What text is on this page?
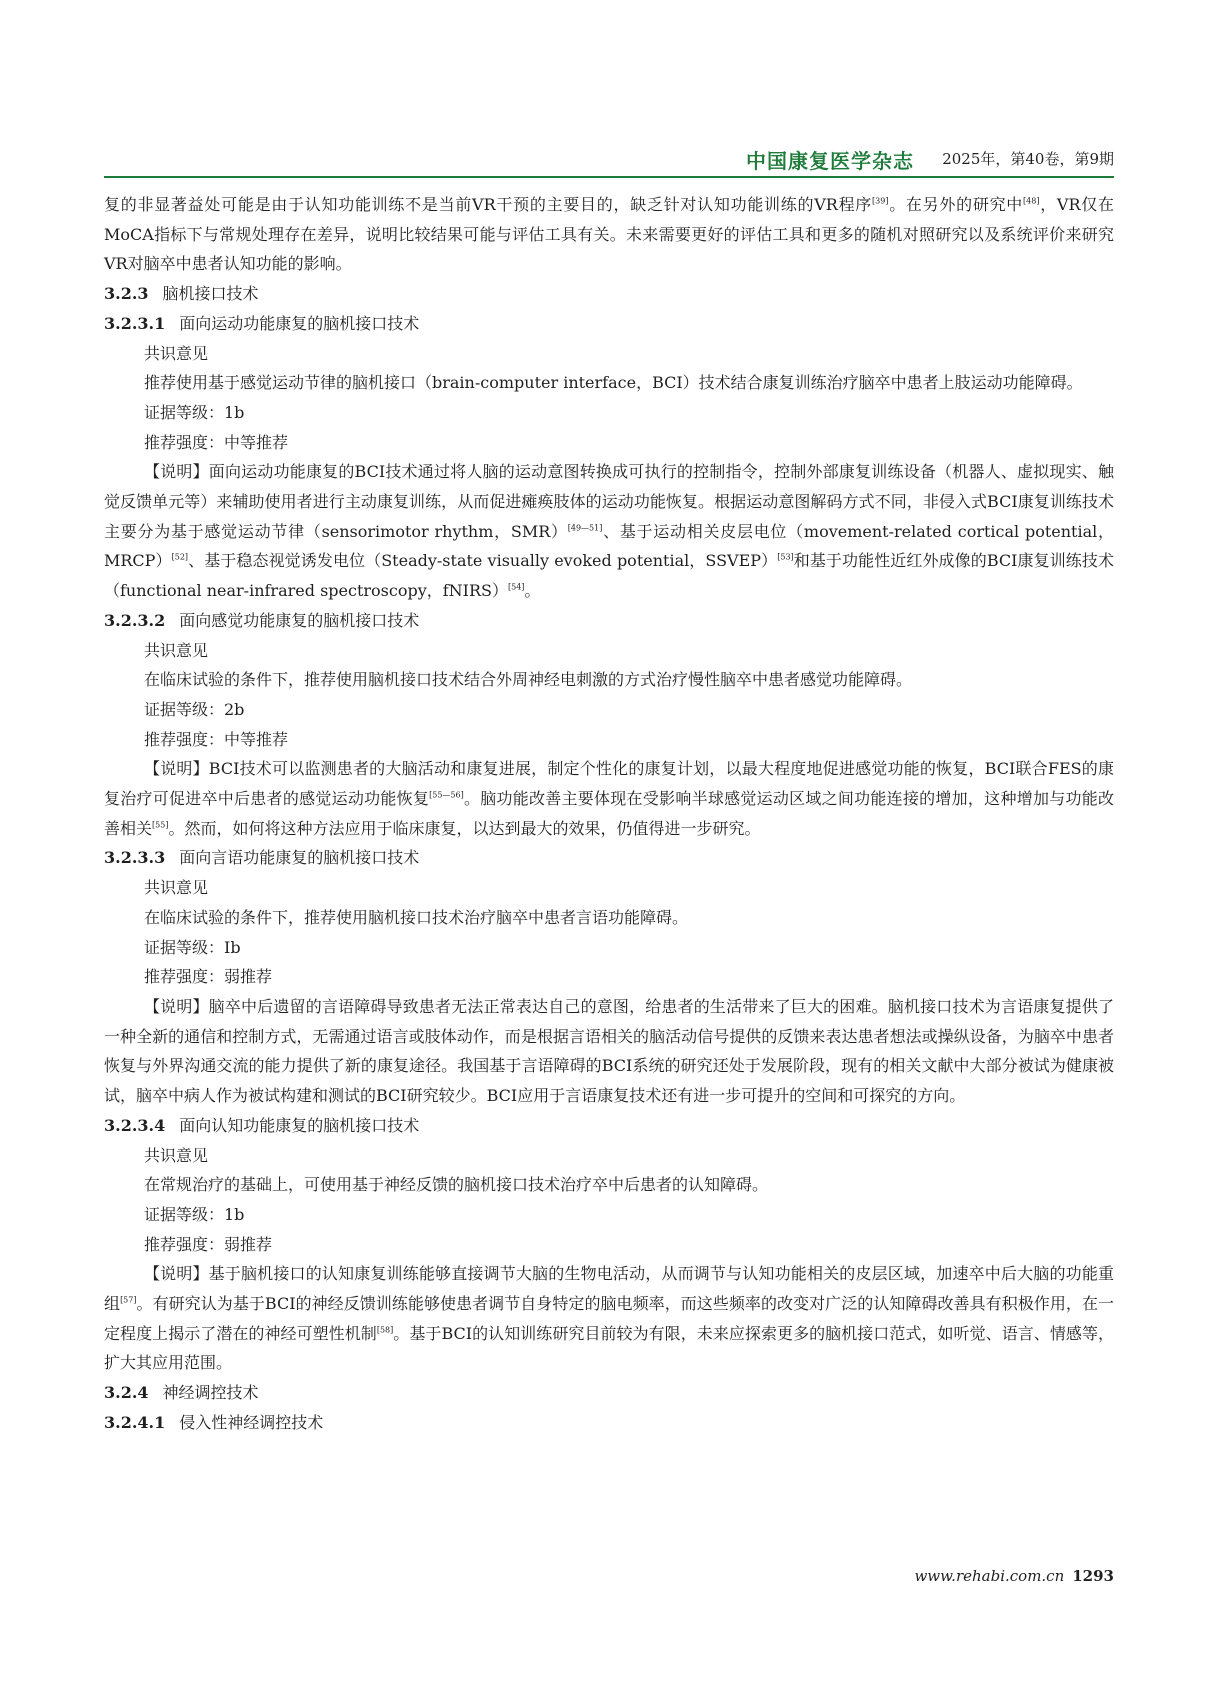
中国康复医学杂志 2025年，第40卷，第9期

复的非显著益处可能是由于认知功能训练不是当前VR干预的主要目的，缺乏针对认知功能训练的VR程序[39]。在另外的研究中[48]，VR仅在MoCA指标下与常规处理存在差异，说明比较结果可能与评估工具有关。未来需要更好的评估工具和更多的随机对照研究以及系统评价来研究VR对脑卒中患者认知功能的影响。

3.2.3 脑机接口技术

3.2.3.1 面向运动功能康复的脑机接口技术

共识意见

推荐使用基于感觉运动节律的脑机接口（brain-computer interface，BCI）技术结合康复训练治疗脑卒中患者上肢运动功能障碍。

证据等级：1b

推荐强度：中等推荐

【说明】面向运动功能康复的BCI技术通过将人脑的运动意图转换成可执行的控制指令，控制外部康复训练设备（机器人、虚拟现实、触觉反馈单元等）来辅助使用者进行主动康复训练，从而促进瘫痪肢体的运动功能恢复。根据运动意图解码方式不同，非侵入式BCI康复训练技术主要分为基于感觉运动节律（sensorimotor rhythm，SMR）[49—51]、基于运动相关皮层电位（movement-related cortical potential，MRCP）[52]、基于稳态视觉诱发电位（Steady-state visually evoked potential，SSVEP）[53]和基于功能性近红外成像的BCI康复训练技术（functional near-infrared spectroscopy，fNIRS）[54]。

3.2.3.2 面向感觉功能康复的脑机接口技术

共识意见

在临床试验的条件下，推荐使用脑机接口技术结合外周神经电刺激的方式治疗慢性脑卒中患者感觉功能障碍。

证据等级：2b

推荐强度：中等推荐

【说明】BCI技术可以监测患者的大脑活动和康复进展，制定个性化的康复计划，以最大程度地促进感觉功能的恢复，BCI联合FES的康复治疗可促进卒中后患者的感觉运动功能恢复[55—56]。脑功能改善主要体现在受影响半球感觉运动区域之间功能连接的增加，这种增加与功能改善相关[55]。然而，如何将这种方法应用于临床康复，以达到最大的效果，仍值得进一步研究。

3.2.3.3 面向言语功能康复的脑机接口技术

共识意见

在临床试验的条件下，推荐使用脑机接口技术治疗脑卒中患者言语功能障碍。

证据等级：Ib

推荐强度：弱推荐

【说明】脑卒中后遗留的言语障碍导致患者无法正常表达自己的意图，给患者的生活带来了巨大的困难。脑机接口技术为言语康复提供了一种全新的通信和控制方式，无需通过语言或肢体动作，而是根据言语相关的脑活动信号提供的反馈来表达患者想法或操纵设备，为脑卒中患者恢复与外界沟通交流的能力提供了新的康复途径。我国基于言语障碍的BCI系统的研究还处于发展阶段，现有的相关文献中大部分被试为健康被试，脑卒中病人作为被试构建和测试的BCI研究较少。BCI应用于言语康复技术还有进一步可提升的空间和可探究的方向。

3.2.3.4 面向认知功能康复的脑机接口技术

共识意见

在常规治疗的基础上，可使用基于神经反馈的脑机接口技术治疗卒中后患者的认知障碍。

证据等级：1b

推荐强度：弱推荐

【说明】基于脑机接口的认知康复训练能够直接调节大脑的生物电活动，从而调节与认知功能相关的皮层区域，加速卒中后大脑的功能重组[57]。有研究认为基于BCI的神经反馈训练能够使患者调节自身特定的脑电频率，而这些频率的改变对广泛的认知障碍改善具有积极作用，在一定程度上揭示了潜在的神经可塑性机制[58]。基于BCI的认知训练研究目前较为有限，未来应探索更多的脑机接口范式，如听觉、语言、情感等，扩大其应用范围。

3.2.4 神经调控技术

3.2.4.1 侵入性神经调控技术

www.rehabi.com.cn 1293
